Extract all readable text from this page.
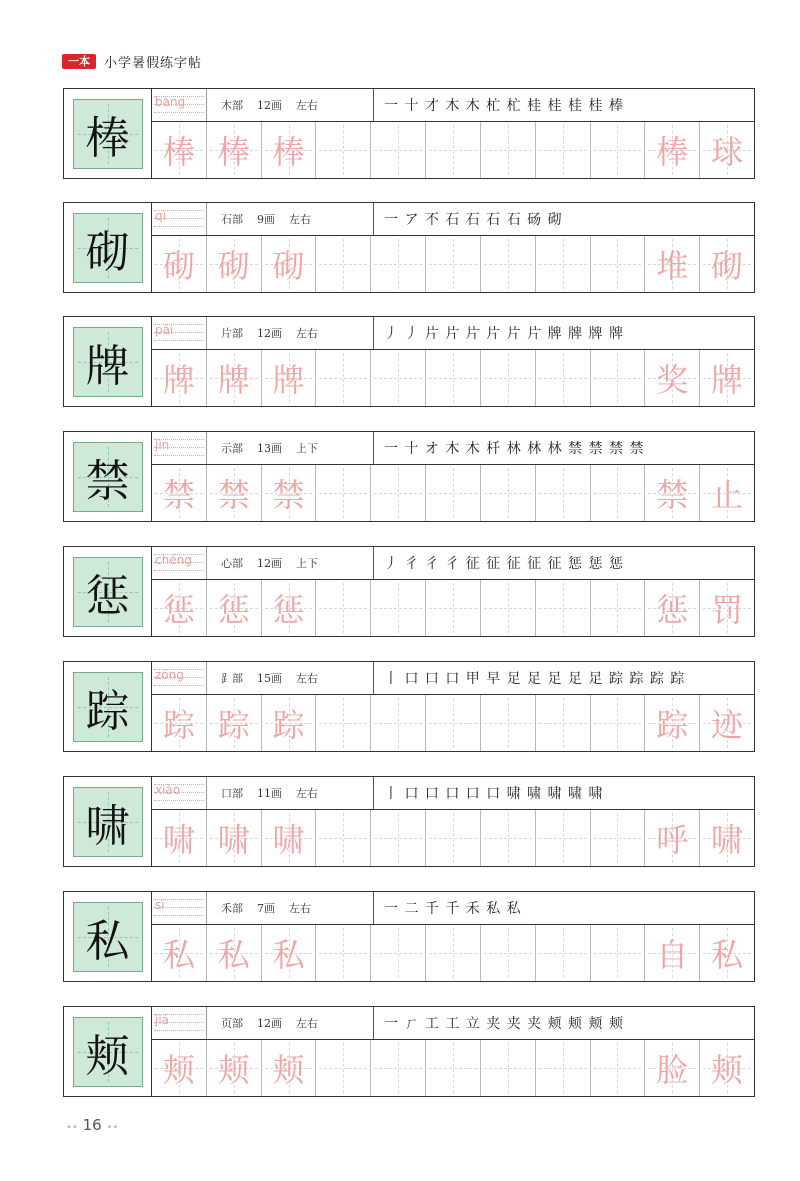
一本	小学暑假练字帖
棒
bàng	木部 12画 左右	一 十 才 木 木 杧 杧 桂 桂 桂 桂 棒
棒 棒 棒	棒 球
砌
qì	石部 9画 左右	一 ア 不 石 石 石 石 砀 砌
砌 砌 砌	堆 砌
牌
pái	片部 12画 左右	丿 丿 片 片 片 片 片 片 牌 牌 牌 牌
牌 牌 牌	奖 牌
禁
jìn	示部 13画 上下	一 十 オ 木 木 杄 林 林 林 禁 禁 禁 禁
禁 禁 禁	禁 止
惩
chéng	心部 12画 上下	丿 彳 彳 彳 征 征 征 征 征 惩 惩 惩
惩 惩 惩	惩 罚
踪
zōng	⻊部 15画 左右	丨 口 口 口 甲 早 足 足 足 足 足 踪 踪 踪 踪
踪 踪 踪	踪 迹
啸
xiào	口部 11画 左右	丨 口 口 口 口 口 啸 啸 啸 啸 啸
啸 啸 啸	呼 啸
私
sī	禾部 7画 左右	一 二 千 千 禾 私 私
私 私 私	自 私
颊
jiá	页部 12画 左右	一 ㄏ 工 工 立 夹 夹 夹 颊 颊 颊 颊
颊 颊 颊	脸 颊
•• 16 ••
